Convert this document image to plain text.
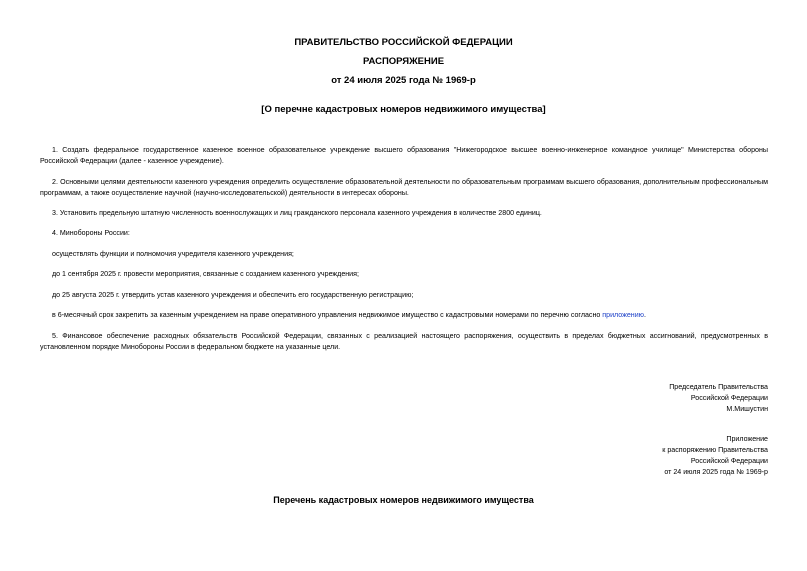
ПРАВИТЕЛЬСТВО РОССИЙСКОЙ ФЕДЕРАЦИИ
РАСПОРЯЖЕНИЕ
от 24 июля 2025 года № 1969-р
[О перечне кадастровых номеров недвижимого имущества]

1. Создать федеральное государственное казенное военное образовательное учреждение высшего образования "Нижегородское высшее военно-инженерное командное училище" Министерства обороны Российской Федерации (далее - казенное учреждение).

2. Основными целями деятельности казенного учреждения определить осуществление образовательной деятельности по образовательным программам высшего образования, дополнительным профессиональным программам, а также осуществление научной (научно-исследовательской) деятельности в интересах обороны.

3. Установить предельную штатную численность военнослужащих и лиц гражданского персонала казенного учреждения в количестве 2800 единиц.

4. Минобороны России:

осуществлять функции и полномочия учредителя казенного учреждения;

до 1 сентября 2025 г. провести мероприятия, связанные с созданием казенного учреждения;

до 25 августа 2025 г. утвердить устав казенного учреждения и обеспечить его государственную регистрацию;

в 6-месячный срок закрепить за казенным учреждением на праве оперативного управления недвижимое имущество с кадастровыми номерами по перечню согласно приложению.

5. Финансовое обеспечение расходных обязательств Российской Федерации, связанных с реализацией настоящего распоряжения, осуществить в пределах бюджетных ассигнований, предусмотренных в установленном порядке Минобороны России в федеральном бюджете на указанные цели.

Председатель Правительства
Российской Федерации
М.Мишустин
Приложение
к распоряжению Правительства
Российской Федерации
от 24 июля 2025 года № 1969-р
Перечень кадастровых номеров недвижимого имущества
